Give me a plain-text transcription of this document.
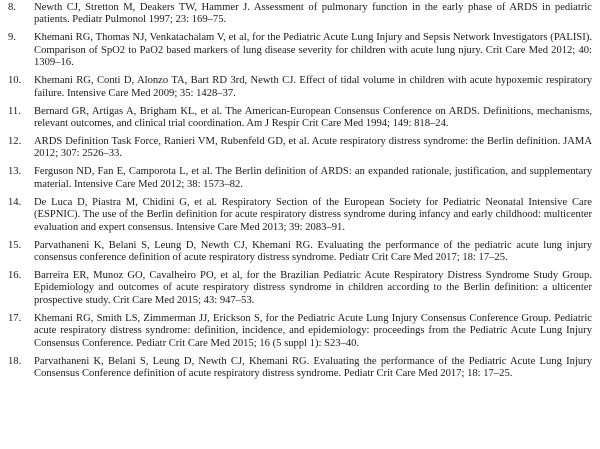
8. Newth CJ, Stretton M, Deakers TW, Hammer J. Assessment of pulmonary function in the early phase of ARDS in pediatric patients. Pediatr Pulmonol 1997; 23: 169–75.
9. Khemani RG, Thomas NJ, Venkatachalam V, et al, for the Pediatric Acute Lung Injury and Sepsis Network Investigators (PALISI). Comparison of SpO2 to PaO2 based markers of lung disease severity for children with acute lung njury. Crit Care Med 2012; 40: 1309–16.
10. Khemani RG, Conti D, Alonzo TA, Bart RD 3rd, Newth CJ. Effect of tidal volume in children with acute hypoxemic respiratory failure. Intensive Care Med 2009; 35: 1428–37.
11. Bernard GR, Artigas A, Brigham KL, et al. The American-European Consensus Conference on ARDS. Definitions, mechanisms, relevant outcomes, and clinical trial coordination. Am J Respir Crit Care Med 1994; 149: 818–24.
12. ARDS Definition Task Force, Ranieri VM, Rubenfeld GD, et al. Acute respiratory distress syndrome: the Berlin definition. JAMA 2012; 307: 2526–33.
13. Ferguson ND, Fan E, Camporota L, et al. The Berlin definition of ARDS: an expanded rationale, justification, and supplementary material. Intensive Care Med 2012; 38: 1573–82.
14. De Luca D, Piastra M, Chidini G, et al. Respiratory Section of the European Society for Pediatric Neonatal Intensive Care (ESPNIC). The use of the Berlin definition for acute respiratory distress syndrome during infancy and early childhood: multicenter evaluation and expert consensus. Intensive Care Med 2013; 39: 2083–91.
15. Parvathaneni K, Belani S, Leung D, Newth CJ, Khemani RG. Evaluating the performance of the pediatric acute lung injury consensus conference definition of acute respiratory distress syndrome. Pediatr Crit Care Med 2017; 18: 17–25.
16. Barreira ER, Munoz GO, Cavalheiro PO, et al, for the Brazilian Pediatric Acute Respiratory Distress Syndrome Study Group. Epidemiology and outcomes of acute respiratory distress syndrome in children according to the Berlin definition: a ulticenter prospective study. Crit Care Med 2015; 43: 947–53.
17. Khemani RG, Smith LS, Zimmerman JJ, Erickson S, for the Pediatric Acute Lung Injury Consensus Conference Group. Pediatric acute respiratory distress syndrome: definition, incidence, and epidemiology: proceedings from the Pediatric Acute Lung Injury Consensus Conference. Pediatr Crit Care Med 2015; 16 (5 suppl 1): S23–40.
18. Parvathaneni K, Belani S, Leung D, Newth CJ, Khemani RG. Evaluating the performance of the Pediatric Acute Lung Injury Consensus Conference definition of acute respiratory distress syndrome. Pediatr Crit Care Med 2017; 18: 17–25.
